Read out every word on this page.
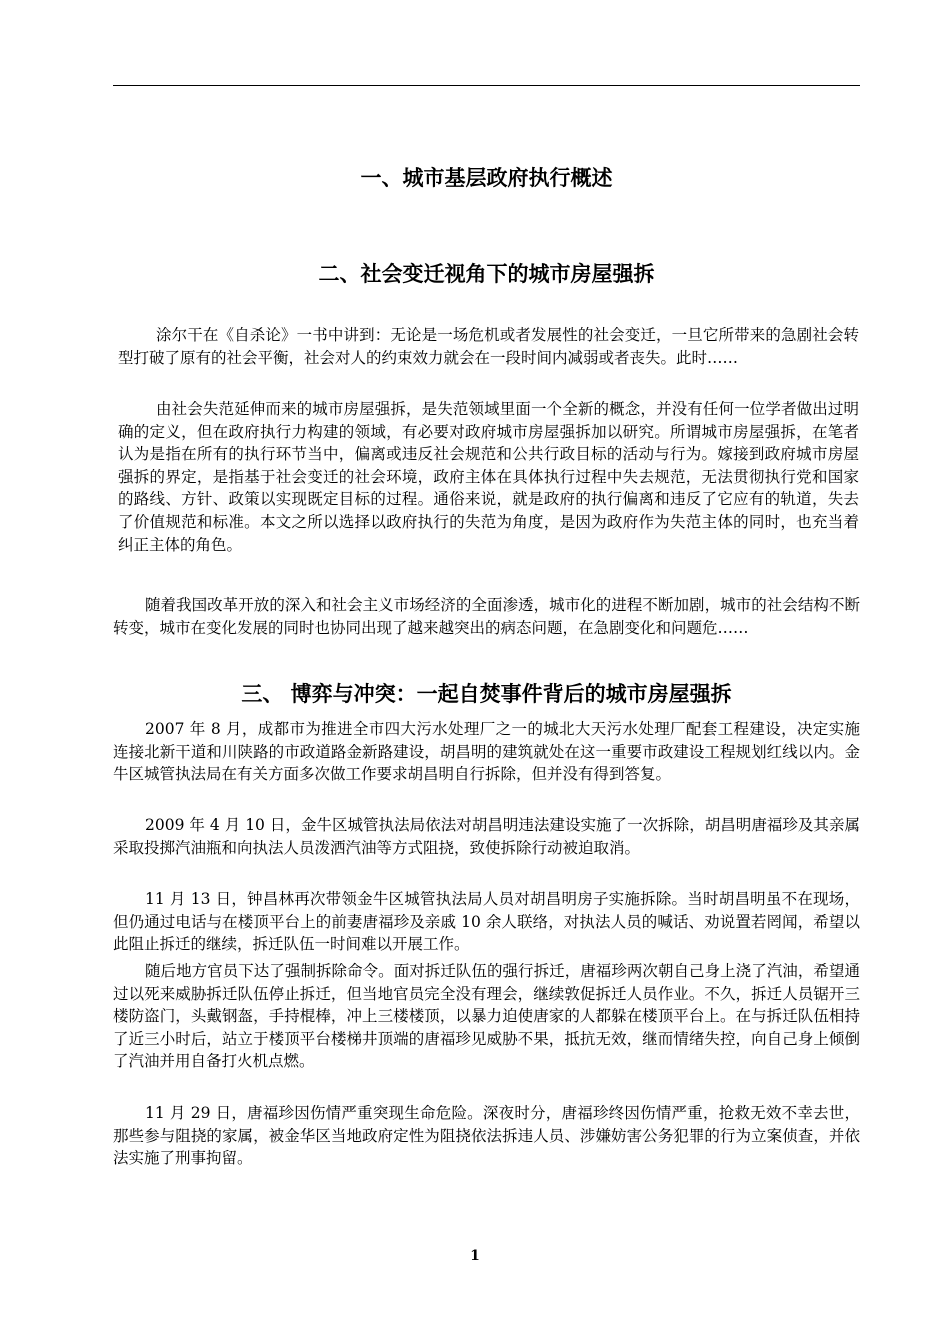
一、城市基层政府执行概述
二、社会变迁视角下的城市房屋强拆

涂尔干在《自杀论》一书中讲到：无论是一场危机或者发展性的社会变迁，一旦它所带来的急剧社会转型打破了原有的社会平衡，社会对人的约束效力就会在一段时间内减弱或者丧失。此时……

由社会失范延伸而来的城市房屋强拆，是失范领域里面一个全新的概念，并没有任何一位学者做出过明确的定义，但在政府执行力构建的领域，有必要对政府城市房屋强拆加以研究。所谓城市房屋强拆，在笔者认为是指在所有的执行环节当中，偏离或违反社会规范和公共行政目标的活动与行为。嫁接到政府城市房屋强拆的界定，是指基于社会变迁的社会环境，政府主体在具体执行过程中失去规范，无法贯彻执行党和国家的路线、方针、政策以实现既定目标的过程。通俗来说，就是政府的执行偏离和违反了它应有的轨道，失去了价值规范和标准。本文之所以选择以政府执行的失范为角度，是因为政府作为失范主体的同时，也充当着纠正主体的角色。

随着我国改革开放的深入和社会主义市场经济的全面渗透，城市化的进程不断加剧，城市的社会结构不断转变，城市在变化发展的同时也协同出现了越来越突出的病态问题，在急剧变化和问题危……

三、 博弈与冲突：一起自焚事件背后的城市房屋强拆

2007 年 8 月，成都市为推进全市四大污水处理厂之一的城北大天污水处理厂配套工程建设，决定实施连接北新干道和川陕路的市政道路金新路建设，胡昌明的建筑就处在这一重要市政建设工程规划红线以内。金牛区城管执法局在有关方面多次做工作要求胡昌明自行拆除，但并没有得到答复。

2009 年 4 月 10 日，金牛区城管执法局依法对胡昌明违法建设实施了一次拆除，胡昌明唐福珍及其亲属采取投掷汽油瓶和向执法人员泼洒汽油等方式阻挠，致使拆除行动被迫取消。

11 月 13 日，钟昌林再次带领金牛区城管执法局人员对胡昌明房子实施拆除。当时胡昌明虽不在现场，但仍通过电话与在楼顶平台上的前妻唐福珍及亲戚 10 余人联络，对执法人员的喊话、劝说置若罔闻，希望以此阻止拆迁的继续，拆迁队伍一时间难以开展工作。

随后地方官员下达了强制拆除命令。面对拆迁队伍的强行拆迁，唐福珍两次朝自己身上浇了汽油，希望通过以死来威胁拆迁队伍停止拆迁，但当地官员完全没有理会，继续敦促拆迁人员作业。不久，拆迁人员锯开三楼防盗门，头戴钢盔，手持棍棒，冲上三楼楼顶，以暴力迫使唐家的人都躲在楼顶平台上。在与拆迁队伍相持了近三小时后，站立于楼顶平台楼梯井顶端的唐福珍见威胁不果，抵抗无效，继而情绪失控，向自己身上倾倒了汽油并用自备打火机点燃。

11 月 29 日，唐福珍因伤情严重突现生命危险。深夜时分，唐福珍终因伤情严重，抢救无效不幸去世，那些参与阻挠的家属，被金华区当地政府定性为阻挠依法拆违人员、涉嫌妨害公务犯罪的行为立案侦查，并依法实施了刑事拘留。

1
